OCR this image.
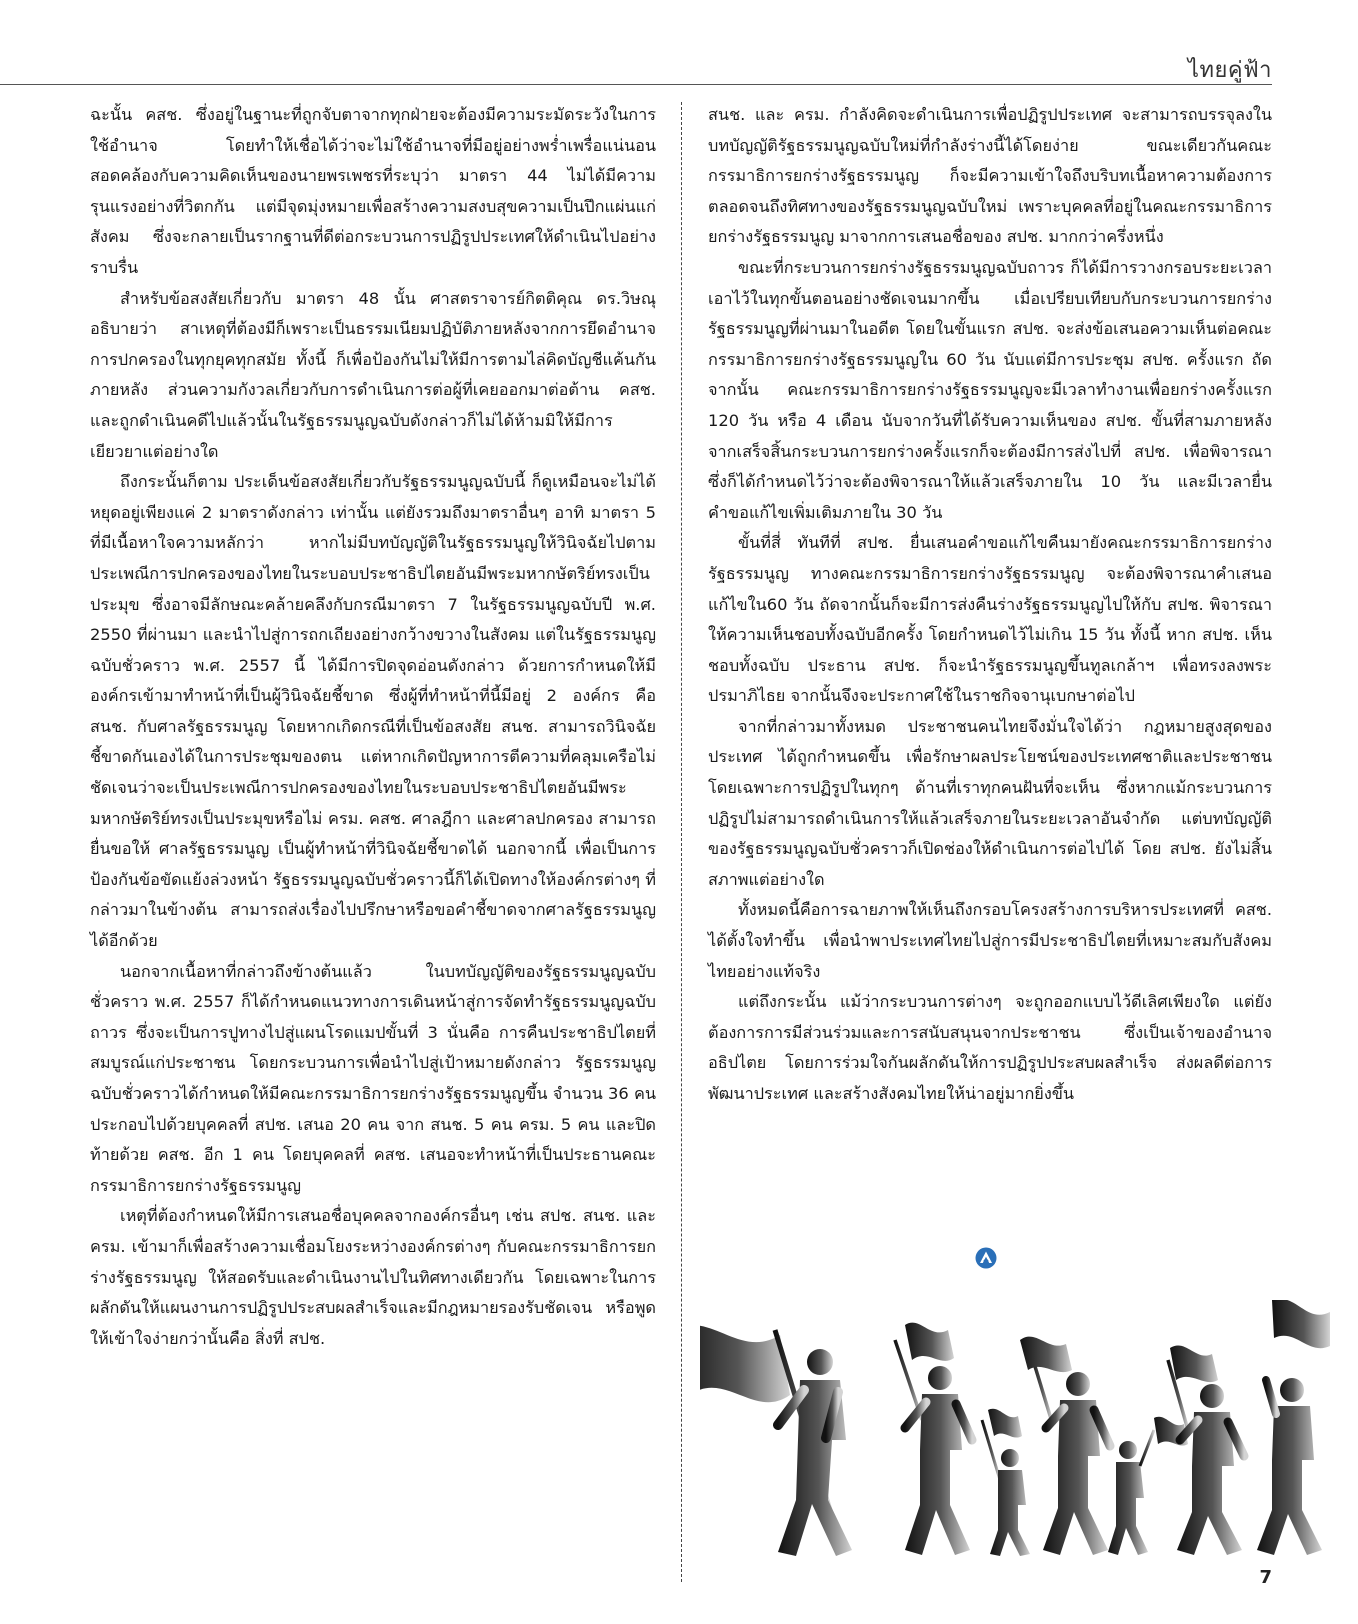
ไทยคู่ฟ้า

ฉะนั้น คสช. ซึ่งอยู่ในฐานะที่ถูกจับตาจากทุกฝ่ายจะต้องมีความระมัดระวังในการใช้อำนาจ โดยทำให้เชื่อได้ว่าจะไม่ใช้อำนาจที่มีอยู่อย่างพร่ำเพรื่อแน่นอน สอดคล้องกับความคิดเห็นของนายพรเพชรที่ระบุว่า มาตรา 44 ไม่ได้มีความรุนแรงอย่างที่วิตกกัน แต่มีจุดมุ่งหมายเพื่อสร้างความสงบสุขความเป็นปึกแผ่นแก่สังคม ซึ่งจะกลายเป็นรากฐานที่ดีต่อกระบวนการปฏิรูปประเทศให้ดำเนินไปอย่างราบรื่น

สำหรับข้อสงสัยเกี่ยวกับ มาตรา 48 นั้น ศาสตราจารย์กิตติคุณ ดร.วิษณุ อธิบายว่า สาเหตุที่ต้องมีก็เพราะเป็นธรรมเนียมปฏิบัติภายหลังจากการยึดอำนาจการปกครองในทุกยุคทุกสมัย ทั้งนี้ ก็เพื่อป้องกันไม่ให้มีการตามไล่คิดบัญชีแค้นกันภายหลัง ส่วนความกังวลเกี่ยวกับการดำเนินการต่อผู้ที่เคยออกมาต่อต้าน คสช. และถูกดำเนินคดีไปแล้วนั้นในรัฐธรรมนูญฉบับดังกล่าวก็ไม่ได้ห้ามมิให้มีการเยียวยาแต่อย่างใด

ถึงกระนั้นก็ตาม ประเด็นข้อสงสัยเกี่ยวกับรัฐธรรมนูญฉบับนี้ ก็ดูเหมือนจะไม่ได้หยุดอยู่เพียงแค่ 2 มาตราดังกล่าว เท่านั้น แต่ยังรวมถึงมาตราอื่นๆ อาทิ มาตรา 5 ที่มีเนื้อหาใจความหลักว่า หากไม่มีบทบัญญัติในรัฐธรรมนูญให้วินิจฉัยไปตามประเพณีการปกครองของไทยในระบอบประชาธิปไตยอันมีพระมหากษัตริย์ทรงเป็นประมุข ซึ่งอาจมีลักษณะคล้ายคลึงกับกรณีมาตรา 7 ในรัฐธรรมนูญฉบับปี พ.ศ. 2550 ที่ผ่านมา และนำไปสู่การถกเถียงอย่างกว้างขวางในสังคม แต่ในรัฐธรรมนูญฉบับชั่วคราว พ.ศ. 2557 นี้ ได้มีการปิดจุดอ่อนดังกล่าว ด้วยการกำหนดให้มีองค์กรเข้ามาทำหน้าที่เป็นผู้วินิจฉัยชี้ขาด ซึ่งผู้ที่ทำหน้าที่นี้มีอยู่ 2 องค์กร คือ สนช. กับศาลรัฐธรรมนูญ โดยหากเกิดกรณีที่เป็นข้อสงสัย สนช. สามารถวินิจฉัยชี้ขาดกันเองได้ในการประชุมของตน แต่หากเกิดปัญหาการตีความที่คลุมเครือไม่ชัดเจนว่าจะเป็นประเพณีการปกครองของไทยในระบอบประชาธิปไตยอันมีพระมหากษัตริย์ทรงเป็นประมุขหรือไม่ ครม. คสช. ศาลฎีกา และศาลปกครอง สามารถยื่นขอให้ ศาลรัฐธรรมนูญ เป็นผู้ทำหน้าที่วินิจฉัยชี้ขาดได้ นอกจากนี้ เพื่อเป็นการป้องกันข้อขัดแย้งล่วงหน้า รัฐธรรมนูญฉบับชั่วคราวนี้ก็ได้เปิดทางให้องค์กรต่างๆ ที่กล่าวมาในข้างต้น สามารถส่งเรื่องไปปรึกษาหรือขอคำชี้ขาดจากศาลรัฐธรรมนูญได้อีกด้วย

นอกจากเนื้อหาที่กล่าวถึงข้างต้นแล้ว ในบทบัญญัติของรัฐธรรมนูญฉบับชั่วคราว พ.ศ. 2557 ก็ได้กำหนดแนวทางการเดินหน้าสู่การจัดทำรัฐธรรมนูญฉบับถาวร ซึ่งจะเป็นการปูทางไปสู่แผนโรดแมปขั้นที่ 3 นั่นคือ การคืนประชาธิปไตยที่สมบูรณ์แก่ประชาชน โดยกระบวนการเพื่อนำไปสู่เป้าหมายดังกล่าว รัฐธรรมนูญฉบับชั่วคราวได้กำหนดให้มีคณะกรรมาธิการยกร่างรัฐธรรมนูญขึ้น จำนวน 36 คน ประกอบไปด้วยบุคคลที่ สปช. เสนอ 20 คน จาก สนช. 5 คน ครม. 5 คน และปิดท้ายด้วย คสช. อีก 1 คน โดยบุคคลที่ คสช. เสนอจะทำหน้าที่เป็นประธานคณะกรรมาธิการยกร่างรัฐธรรมนูญ

เหตุที่ต้องกำหนดให้มีการเสนอชื่อบุคคลจากองค์กรอื่นๆ เช่น สปช. สนช. และ ครม. เข้ามาก็เพื่อสร้างความเชื่อมโยงระหว่างองค์กรต่างๆ กับคณะกรรมาธิการยกร่างรัฐธรรมนูญ ให้สอดรับและดำเนินงานไปในทิศทางเดียวกัน โดยเฉพาะในการผลักดันให้แผนงานการปฏิรูปประสบผลสำเร็จและมีกฎหมายรองรับชัดเจน หรือพูดให้เข้าใจง่ายกว่านั้นคือ สิ่งที่ สปช.

สนช. และ ครม. กำลังคิดจะดำเนินการเพื่อปฏิรูปประเทศ จะสามารถบรรจุลงในบทบัญญัติรัฐธรรมนูญฉบับใหม่ที่กำลังร่างนี้ได้โดยง่าย ขณะเดียวกันคณะกรรมาธิการยกร่างรัฐธรรมนูญ ก็จะมีความเข้าใจถึงบริบทเนื้อหาความต้องการ ตลอดจนถึงทิศทางของรัฐธรรมนูญฉบับใหม่ เพราะบุคคลที่อยู่ในคณะกรรมาธิการยกร่างรัฐธรรมนูญ มาจากการเสนอชื่อของ สปช. มากกว่าครึ่งหนึ่ง

ขณะที่กระบวนการยกร่างรัฐธรรมนูญฉบับถาวร ก็ได้มีการวางกรอบระยะเวลาเอาไว้ในทุกขั้นตอนอย่างชัดเจนมากขึ้น เมื่อเปรียบเทียบกับกระบวนการยกร่างรัฐธรรมนูญที่ผ่านมาในอดีต โดยในขั้นแรก สปช. จะส่งข้อเสนอความเห็นต่อคณะกรรมาธิการยกร่างรัฐธรรมนูญใน 60 วัน นับแต่มีการประชุม สปช. ครั้งแรก ถัดจากนั้น คณะกรรมาธิการยกร่างรัฐธรรมนูญจะมีเวลาทำงานเพื่อยกร่างครั้งแรก 120 วัน หรือ 4 เดือน นับจากวันที่ได้รับความเห็นของ สปช. ขั้นที่สามภายหลังจากเสร็จสิ้นกระบวนการยกร่างครั้งแรกก็จะต้องมีการส่งไปที่ สปช. เพื่อพิจารณา ซึ่งก็ได้กำหนดไว้ว่าจะต้องพิจารณาให้แล้วเสร็จภายใน 10 วัน และมีเวลายื่นคำขอแก้ไขเพิ่มเติมภายใน 30 วัน

ขั้นที่สี่ ทันทีที่ สปช. ยื่นเสนอคำขอแก้ไขคืนมายังคณะกรรมาธิการยกร่างรัฐธรรมนูญ ทางคณะกรรมาธิการยกร่างรัฐธรรมนูญ จะต้องพิจารณาคำเสนอแก้ไขใน60 วัน ถัดจากนั้นก็จะมีการส่งคืนร่างรัฐธรรมนูญไปให้กับ สปช. พิจารณาให้ความเห็นชอบทั้งฉบับอีกครั้ง โดยกำหนดไว้ไม่เกิน 15 วัน ทั้งนี้ หาก สปช. เห็นชอบทั้งฉบับ ประธาน สปช. ก็จะนำรัฐธรรมนูญขึ้นทูลเกล้าฯ เพื่อทรงลงพระปรมาภิไธย จากนั้นจึงจะประกาศใช้ในราชกิจจานุเบกษาต่อไป

จากที่กล่าวมาทั้งหมด ประชาชนคนไทยจึงมั่นใจได้ว่า กฎหมายสูงสุดของประเทศ ได้ถูกกำหนดขึ้น เพื่อรักษาผลประโยชน์ของประเทศชาติและประชาชน โดยเฉพาะการปฏิรูปในทุกๆ ด้านที่เราทุกคนฝันที่จะเห็น ซึ่งหากแม้กระบวนการปฏิรูปไม่สามารถดำเนินการให้แล้วเสร็จภายในระยะเวลาอันจำกัด แต่บทบัญญัติของรัฐธรรมนูญฉบับชั่วคราวก็เปิดช่องให้ดำเนินการต่อไปได้ โดย สปช. ยังไม่สิ้นสภาพแต่อย่างใด

ทั้งหมดนี้คือการฉายภาพให้เห็นถึงกรอบโครงสร้างการบริหารประเทศที่ คสช. ได้ตั้งใจทำขึ้น เพื่อนำพาประเทศไทยไปสู่การมีประชาธิปไตยที่เหมาะสมกับสังคมไทยอย่างแท้จริง

แต่ถึงกระนั้น แม้ว่ากระบวนการต่างๆ จะถูกออกแบบไว้ดีเลิศเพียงใด แต่ยังต้องการการมีส่วนร่วมและการสนับสนุนจากประชาชน ซึ่งเป็นเจ้าของอำนาจอธิปไตย โดยการร่วมใจกันผลักดันให้การปฏิรูปประสบผลสำเร็จ ส่งผลดีต่อการพัฒนาประเทศ และสร้างสังคมไทยให้น่าอยู่มากยิ่งขึ้น

7
